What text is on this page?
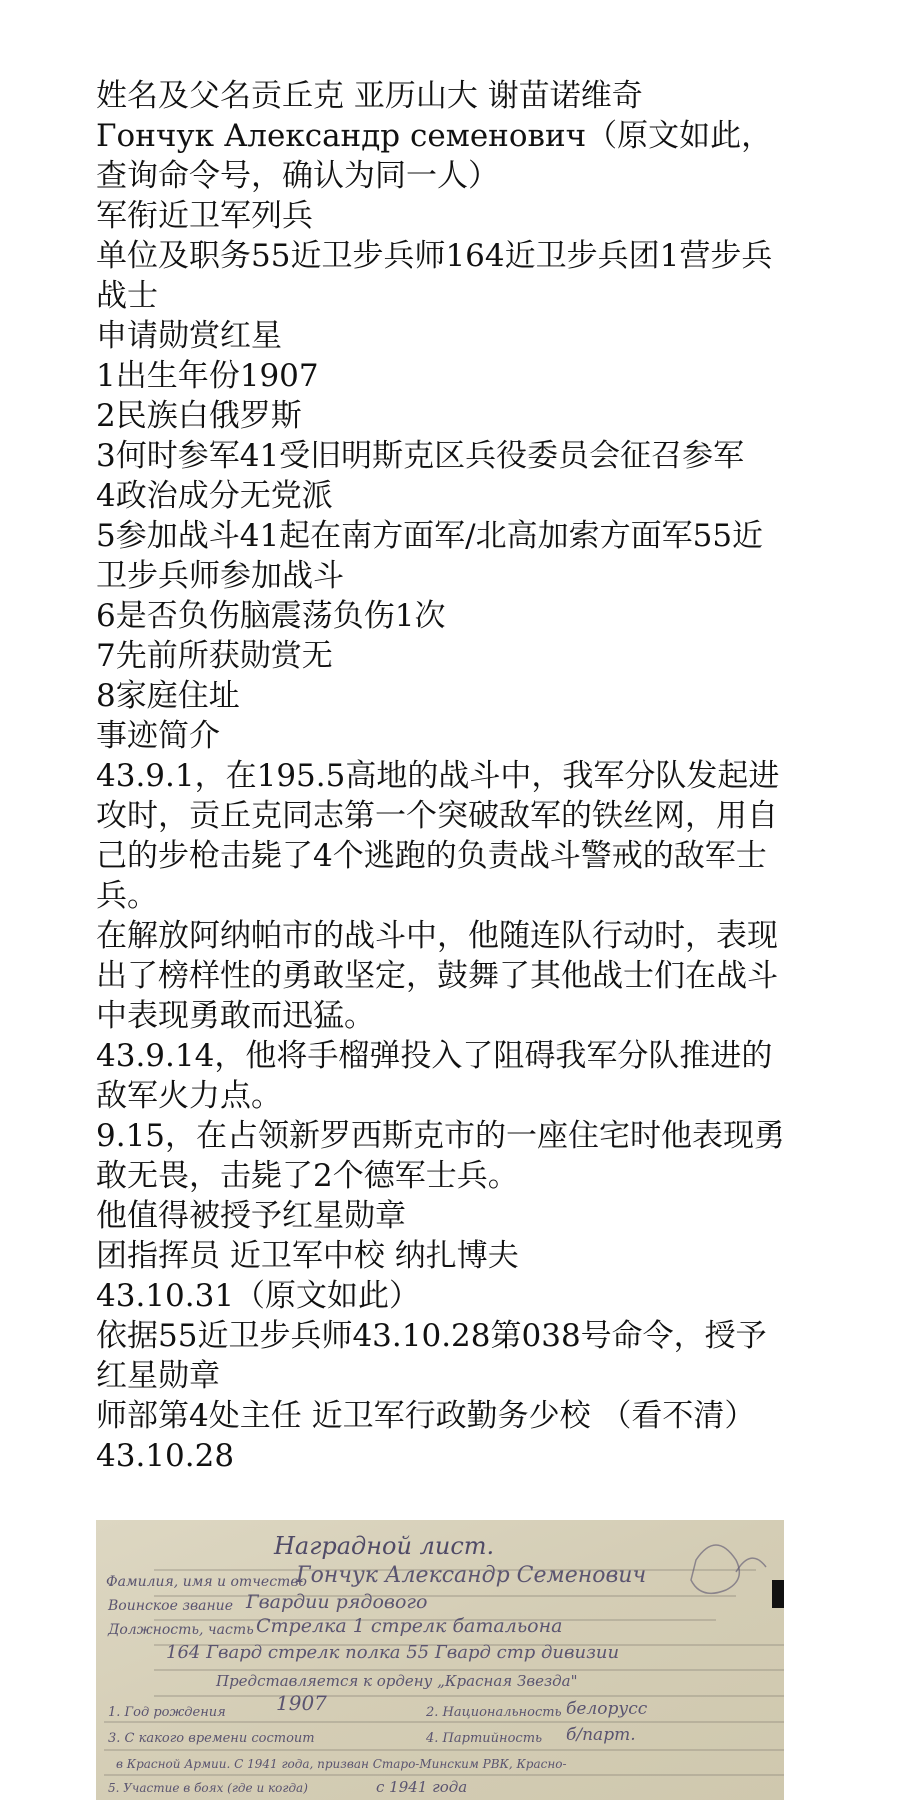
姓名及父名贡丘克 亚历山大 谢苗诺维奇
Гончук Александр семенович（原文如此，查询命令号，确认为同一人）
军衔近卫军列兵
单位及职务55近卫步兵师164近卫步兵团1营步兵战士
申请勋赏红星
1出生年份1907
2民族白俄罗斯
3何时参军41受旧明斯克区兵役委员会征召参军
4政治成分无党派
5参加战斗41起在南方面军/北高加索方面军55近卫步兵师参加战斗
6是否负伤脑震荡负伤1次
7先前所获勋赏无
8家庭住址
事迹简介
43.9.1，在195.5高地的战斗中，我军分队发起进攻时，贡丘克同志第一个突破敌军的铁丝网，用自己的步枪击毙了4个逃跑的负责战斗警戒的敌军士兵。
在解放阿纳帕市的战斗中，他随连队行动时，表现出了榜样性的勇敢坚定，鼓舞了其他战士们在战斗中表现勇敢而迅猛。
43.9.14，他将手榴弹投入了阻碍我军分队推进的敌军火力点。
9.15，在占领新罗西斯克市的一座住宅时他表现勇敢无畏，击毙了2个德军士兵。
他值得被授予红星勋章
团指挥员 近卫军中校 纳扎博夫
43.10.31（原文如此）
依据55近卫步兵师43.10.28第038号命令，授予红星勋章
师部第4处主任 近卫军行政勤务少校 （看不清）
43.10.28
Наградной лист.
Фамилия, имя и отчество
Гончук Александр Семенович
Воинское звание Гвардии рядового
Должность, часть Стрелка 1 стрелк батальона
164 Гвард стрелк полка 55 Гвард стр дивизии
Представляется к ордену „Красная Звезда"
1. Год рождения	1907	2. Национальность белорусс
3. С какого времени состоит	4. Партийность б/парт.
в Красной Армии. С 1941 года, призван Старо-Минским РВК, Красно-
5. Участие в боях (где и когда)	с 1941 года
